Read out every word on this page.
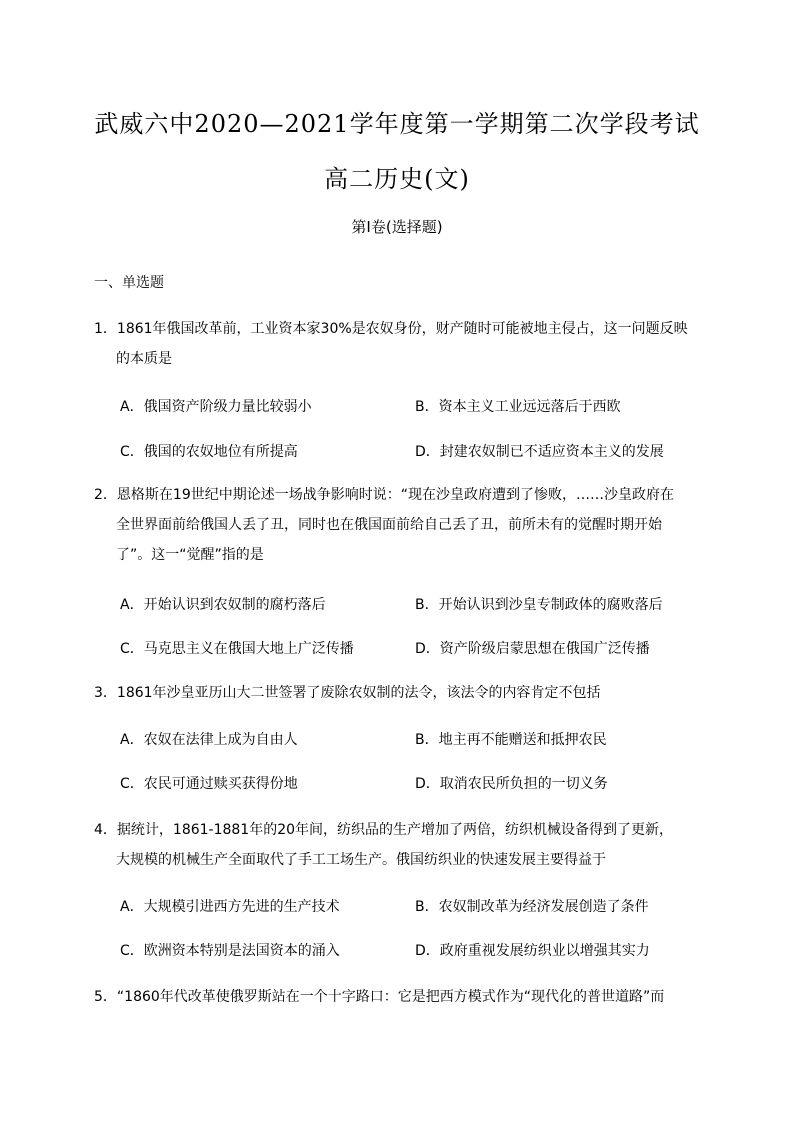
武威六中2020—2021学年度第一学期第二次学段考试
高二历史(文)
第I卷(选择题)
一、单选题
1．1861年俄国改革前，工业资本家30%是农奴身份，财产随时可能被地主侵占，这一问题反映
的本质是
A．俄国资产阶级力量比较弱小	B．资本主义工业远远落后于西欧
C．俄国的农奴地位有所提高	D．封建农奴制已不适应资本主义的发展
2．恩格斯在19世纪中期论述一场战争影响时说：“现在沙皇政府遭到了惨败，……沙皇政府在
全世界面前给俄国人丢了丑，同时也在俄国面前给自己丢了丑，前所未有的觉醒时期开始
了”。这一“觉醒”指的是
A．开始认识到农奴制的腐朽落后	B．开始认识到沙皇专制政体的腐败落后
C．马克思主义在俄国大地上广泛传播	D．资产阶级启蒙思想在俄国广泛传播
3．1861年沙皇亚历山大二世签署了废除农奴制的法令，该法令的内容肯定不包括
A．农奴在法律上成为自由人	B．地主再不能赠送和抵押农民
C．农民可通过赎买获得份地	D．取消农民所负担的一切义务
4．据统计，1861-1881年的20年间，纺织品的生产增加了两倍，纺织机械设备得到了更新，
大规模的机械生产全面取代了手工工场生产。俄国纺织业的快速发展主要得益于
A．大规模引进西方先进的生产技术	B．农奴制改革为经济发展创造了条件
C．欧洲资本特别是法国资本的涌入	D．政府重视发展纺织业以增强其实力
5．“1860年代改革使俄罗斯站在一个十字路口：它是把西方模式作为“现代化的普世道路”而
